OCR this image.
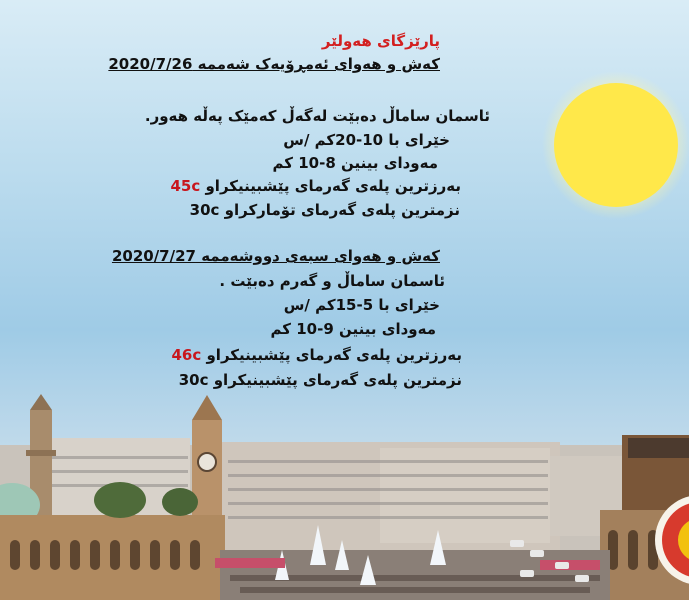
پارێزگای هەولێر
کەش و هەوای ئەمڕۆیەک شەممە 2020/7/26
ئاسمان ساماڵ دەبێت لەگەڵ کەمێک پەڵە هەور.
خێرای با 10-20کم /س
مەودای بینین 8-10 کم
بەرزترین پلەی گەرمای پێشبینیکراو 45c
نزمترین پلەی گەرمای تۆمارکراو 30c
کەش و هەوای سبەی دووشەممە 2020/7/27
ئاسمان ساماڵ و گەرم دەبێت .
خێرای با 5-15کم /س
مەودای بینین 9-10 کم
بەرزترین پلەی گەرمای پێشبینیکراو 46c
نزمترین پلەی گەرمای پێشبینیکراو 30c
